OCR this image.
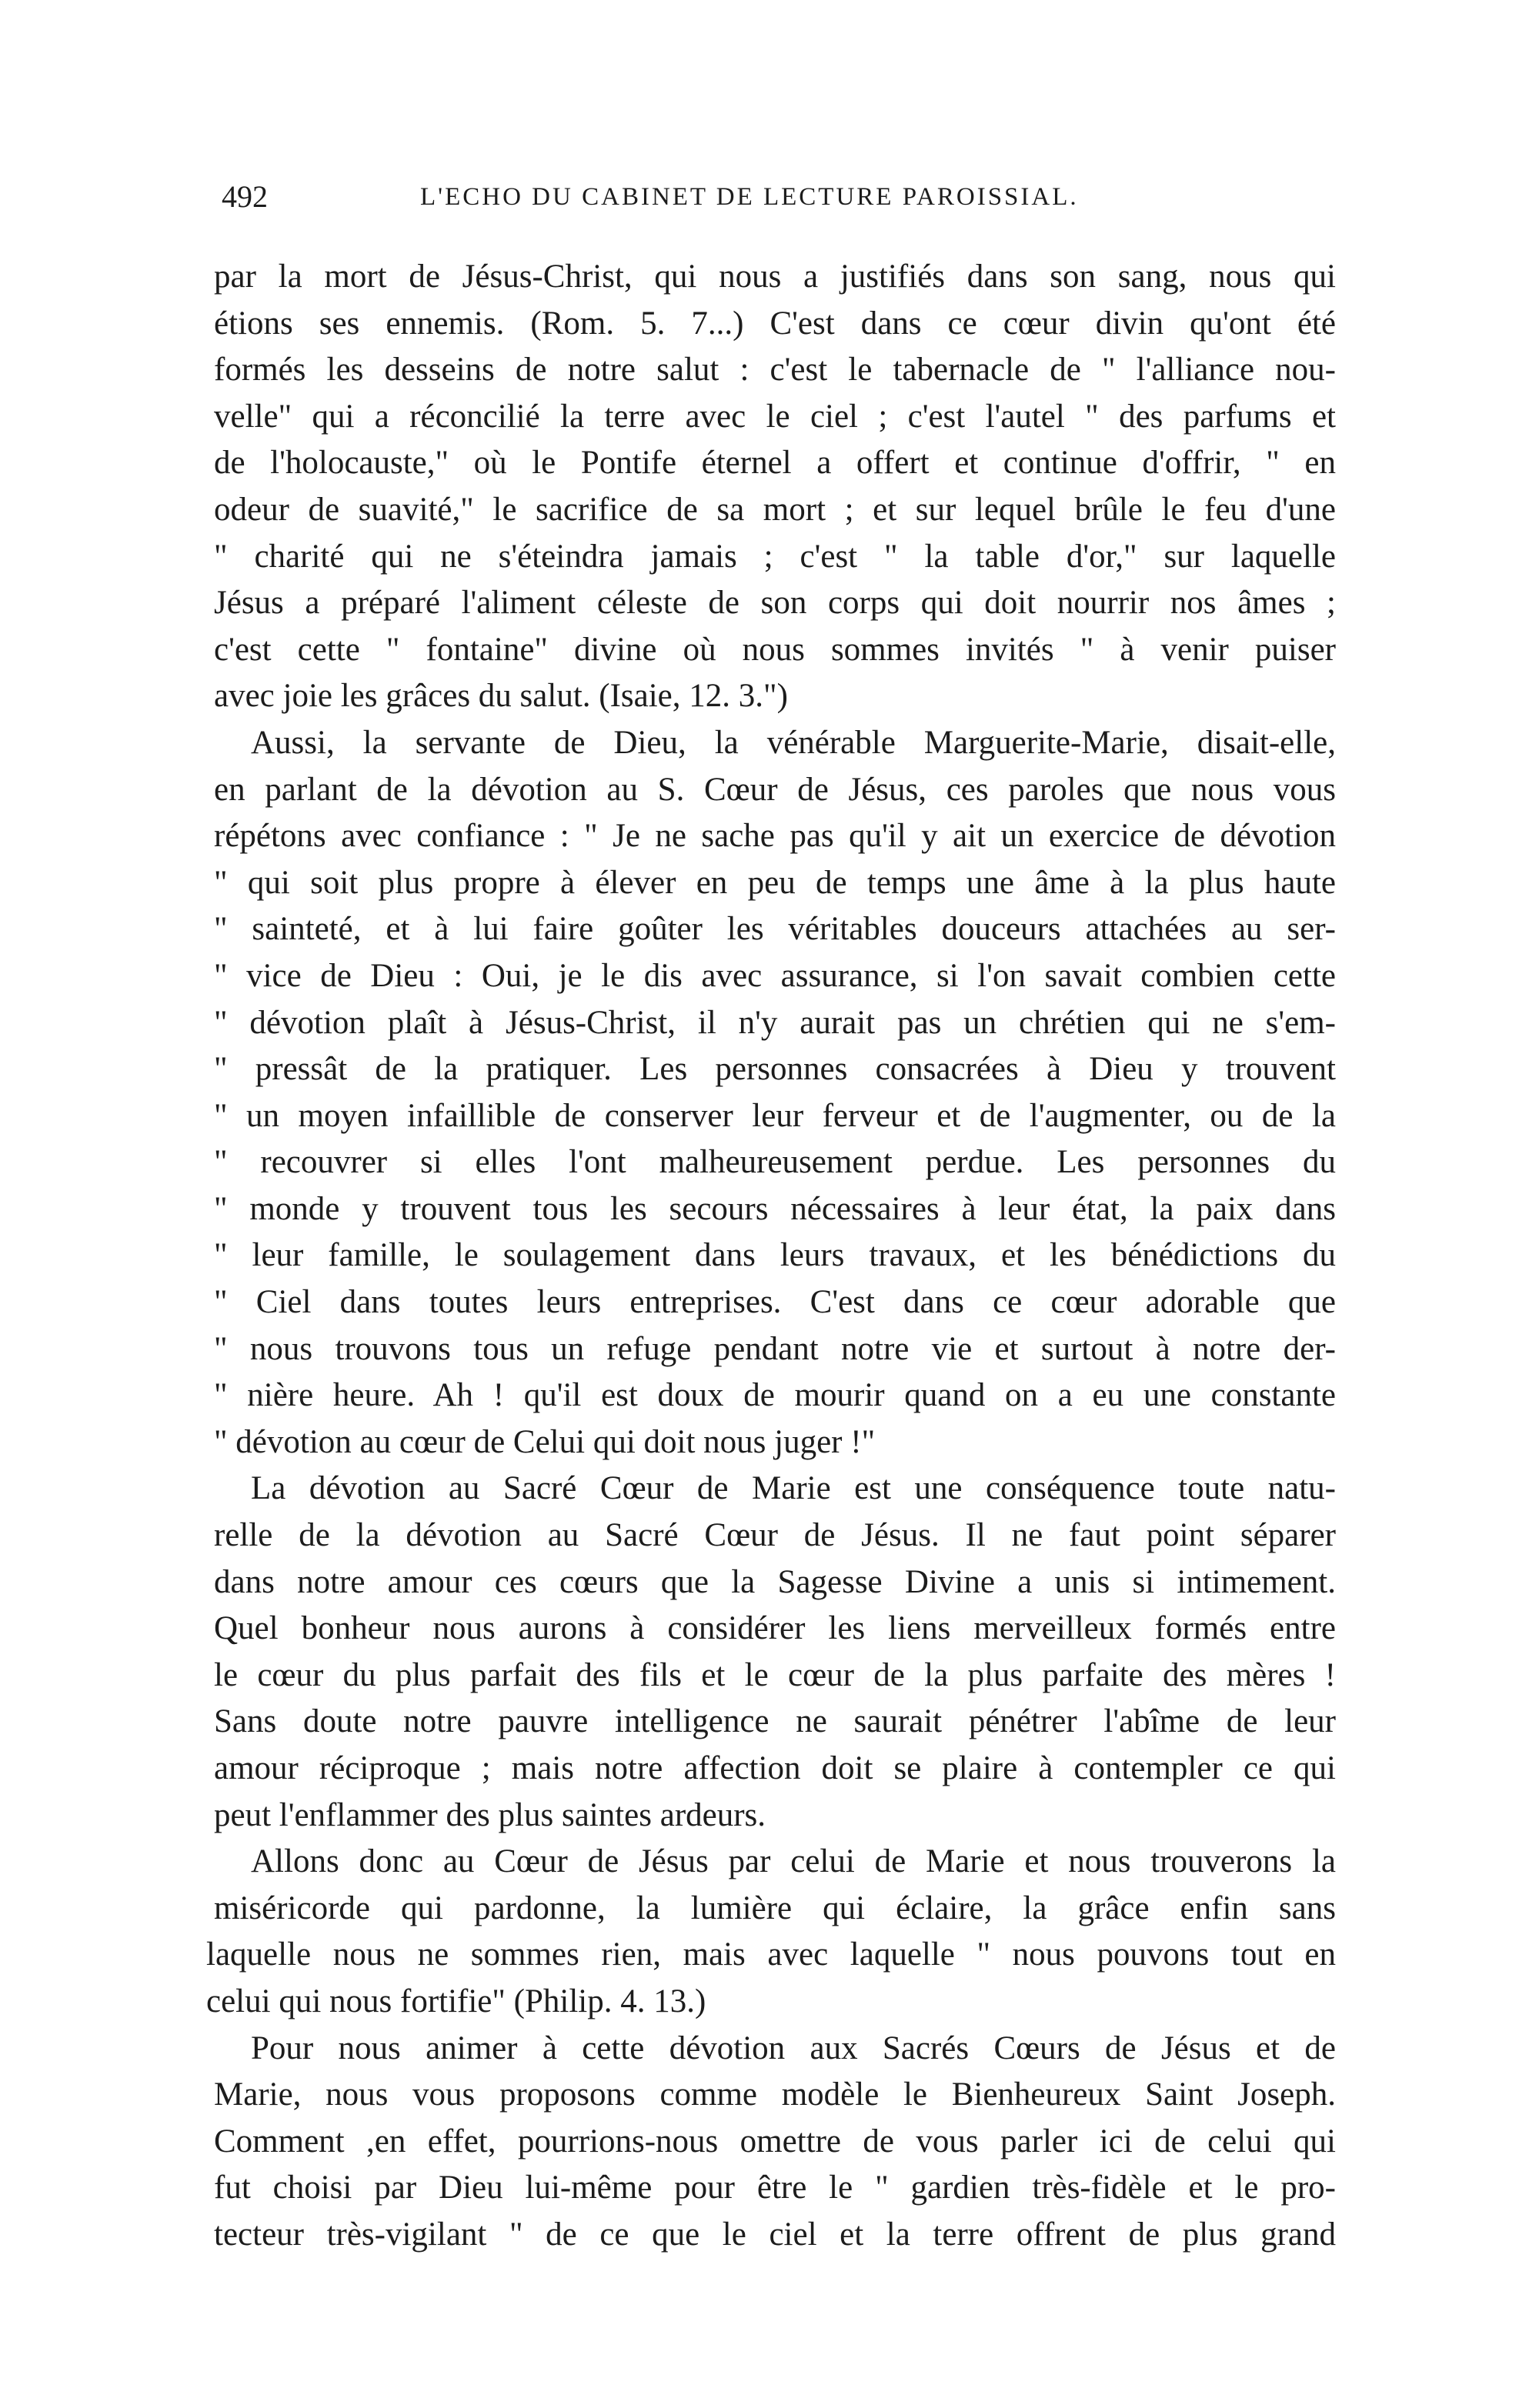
492	L'ECHO DU CABINET DE LECTURE PAROISSIAL.
par la mort de Jésus-Christ, qui nous a justifiés dans son sang, nous qui
étions ses ennemis. (Rom. 5. 7...) C'est dans ce cœur divin qu'ont été
formés les desseins de notre salut : c'est le tabernacle de " l'alliance nou-
velle" qui a réconcilié la terre avec le ciel ; c'est l'autel " des parfums et
de l'holocauste," où le Pontife éternel a offert et continue d'offrir, " en
odeur de suavité," le sacrifice de sa mort ; et sur lequel brûle le feu d'une
" charité qui ne s'éteindra jamais ; c'est " la table d'or," sur laquelle
Jésus a préparé l'aliment céleste de son corps qui doit nourrir nos âmes ;
c'est cette " fontaine" divine où nous sommes invités " à venir puiser
avec joie les grâces du salut. (Isaie, 12. 3.")
Aussi, la servante de Dieu, la vénérable Marguerite-Marie, disait-elle,
en parlant de la dévotion au S. Cœur de Jésus, ces paroles que nous vous
répétons avec confiance : " Je ne sache pas qu'il y ait un exercice de dévotion
" qui soit plus propre à élever en peu de temps une âme à la plus haute
" sainteté, et à lui faire goûter les véritables douceurs attachées au ser-
" vice de Dieu : Oui, je le dis avec assurance, si l'on savait combien cette
" dévotion plaît à Jésus-Christ, il n'y aurait pas un chrétien qui ne s'em-
" pressât de la pratiquer. Les personnes consacrées à Dieu y trouvent
" un moyen infaillible de conserver leur ferveur et de l'augmenter, ou de la
" recouvrer si elles l'ont malheureusement perdue. Les personnes du
" monde y trouvent tous les secours nécessaires à leur état, la paix dans
" leur famille, le soulagement dans leurs travaux, et les bénédictions du
" Ciel dans toutes leurs entreprises. C'est dans ce cœur adorable que
" nous trouvons tous un refuge pendant notre vie et surtout à notre der-
" nière heure. Ah ! qu'il est doux de mourir quand on a eu une constante
" dévotion au cœur de Celui qui doit nous juger !"
La dévotion au Sacré Cœur de Marie est une conséquence toute natu-
relle de la dévotion au Sacré Cœur de Jésus. Il ne faut point séparer
dans notre amour ces cœurs que la Sagesse Divine a unis si intimement.
Quel bonheur nous aurons à considérer les liens merveilleux formés entre
le cœur du plus parfait des fils et le cœur de la plus parfaite des mères !
Sans doute notre pauvre intelligence ne saurait pénétrer l'abîme de leur
amour réciproque ; mais notre affection doit se plaire à contempler ce qui
peut l'enflammer des plus saintes ardeurs.
Allons donc au Cœur de Jésus par celui de Marie et nous trouverons la
miséricorde qui pardonne, la lumière qui éclaire, la grâce enfin sans
laquelle nous ne sommes rien, mais avec laquelle " nous pouvons tout en
celui qui nous fortifie" (Philip. 4. 13.)
Pour nous animer à cette dévotion aux Sacrés Cœurs de Jésus et de
Marie, nous vous proposons comme modèle le Bienheureux Saint Joseph.
Comment ,en effet, pourrions-nous omettre de vous parler ici de celui qui
fut choisi par Dieu lui-même pour être le " gardien très-fidèle et le pro-
tecteur très-vigilant " de ce que le ciel et la terre offrent de plus grand
